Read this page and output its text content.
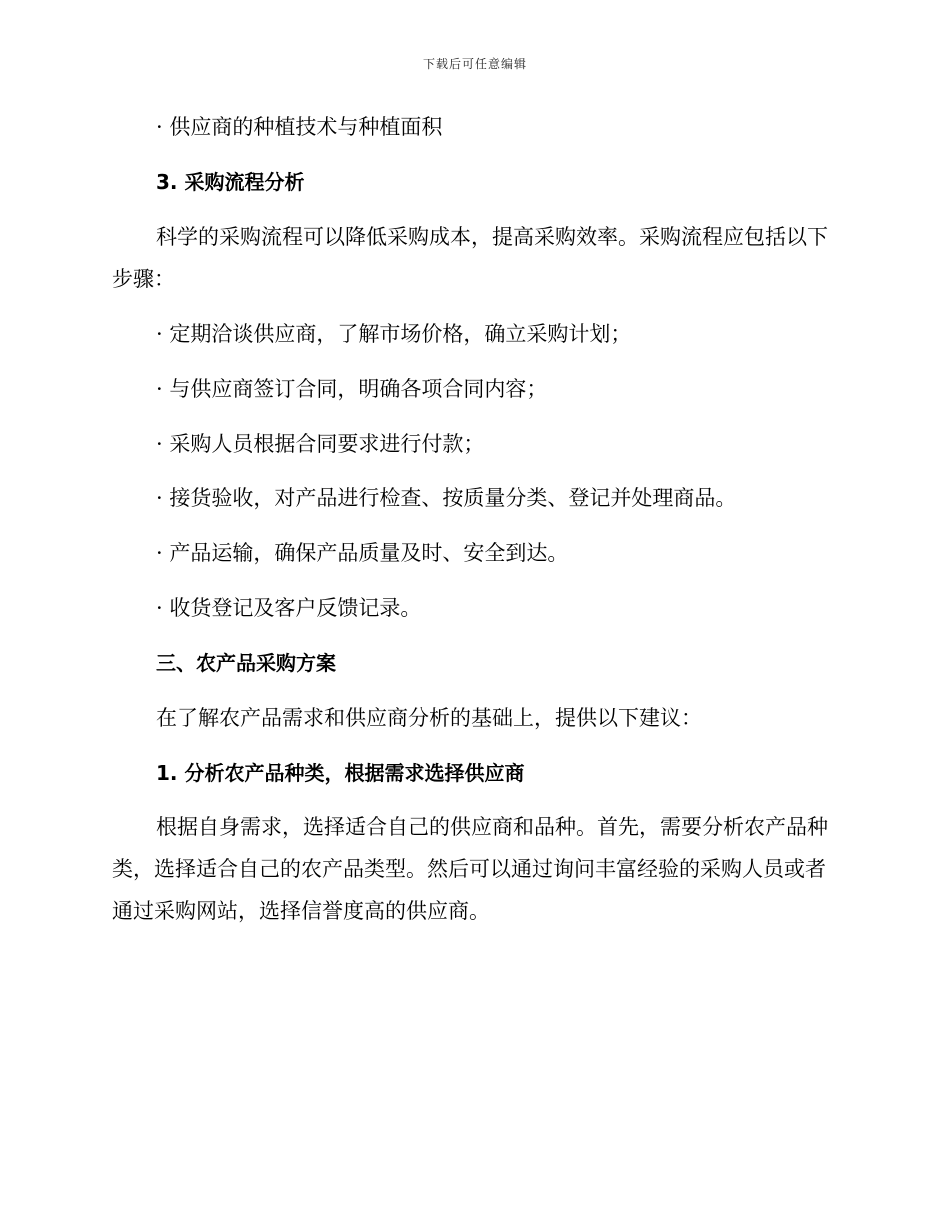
下载后可任意编辑

· 供应商的种植技术与种植面积

3. 采购流程分析

科学的采购流程可以降低采购成本，提高采购效率。采购流程应包括以下步骤：

· 定期洽谈供应商，了解市场价格，确立采购计划；

· 与供应商签订合同，明确各项合同内容；

· 采购人员根据合同要求进行付款；

· 接货验收，对产品进行检查、按质量分类、登记并处理商品。

· 产品运输，确保产品质量及时、安全到达。

· 收货登记及客户反馈记录。

三、农产品采购方案

在了解农产品需求和供应商分析的基础上，提供以下建议：

1. 分析农产品种类，根据需求选择供应商

根据自身需求，选择适合自己的供应商和品种。首先，需要分析农产品种类，选择适合自己的农产品类型。然后可以通过询问丰富经验的采购人员或者通过采购网站，选择信誉度高的供应商。
